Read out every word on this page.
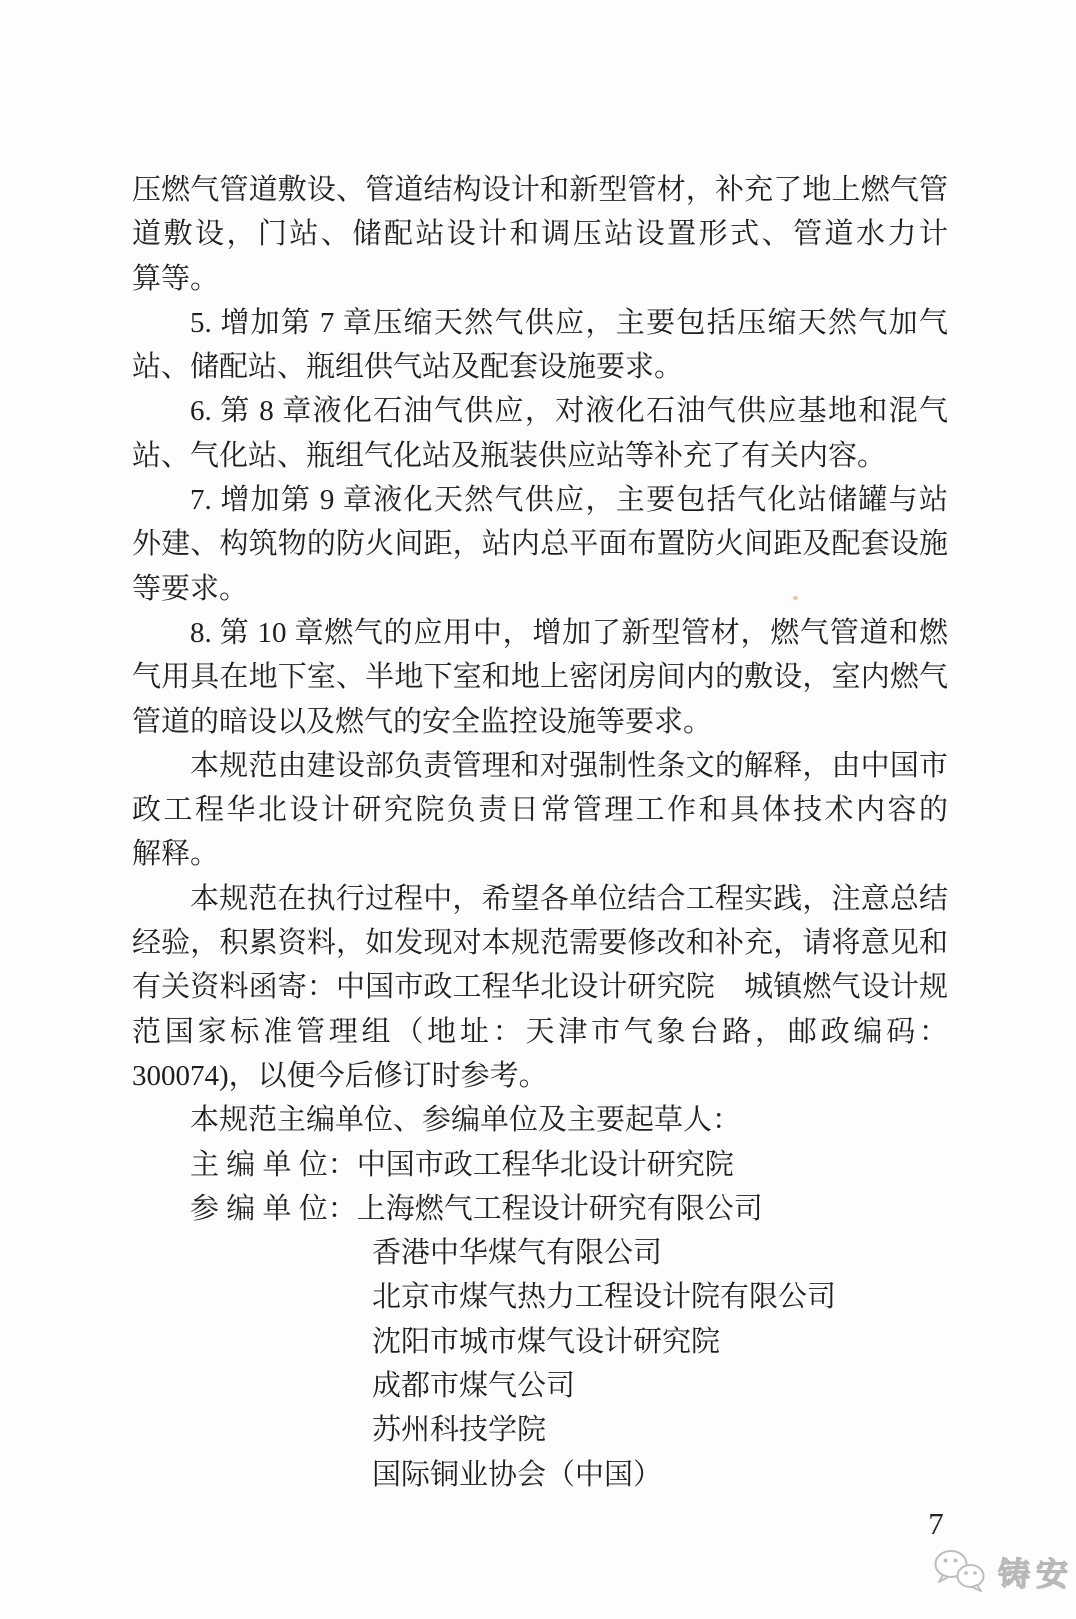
压燃气管道敷设、管道结构设计和新型管材，补充了地上燃气管
道敷设，门站、储配站设计和调压站设置形式、管道水力计
算等。
5. 增加第 7 章压缩天然气供应，主要包括压缩天然气加气
站、储配站、瓶组供气站及配套设施要求。
6. 第 8 章液化石油气供应，对液化石油气供应基地和混气
站、气化站、瓶组气化站及瓶装供应站等补充了有关内容。
7. 增加第 9 章液化天然气供应，主要包括气化站储罐与站
外建、构筑物的防火间距，站内总平面布置防火间距及配套设施
等要求。
8. 第 10 章燃气的应用中，增加了新型管材，燃气管道和燃
气用具在地下室、半地下室和地上密闭房间内的敷设，室内燃气
管道的暗设以及燃气的安全监控设施等要求。
本规范由建设部负责管理和对强制性条文的解释，由中国市
政工程华北设计研究院负责日常管理工作和具体技术内容的
解释。
本规范在执行过程中，希望各单位结合工程实践，注意总结
经验，积累资料，如发现对本规范需要修改和补充，请将意见和
有关资料函寄：中国市政工程华北设计研究院　城镇燃气设计规
范国家标准管理组（地址：天津市气象台路，邮政编码：
300074)，以便今后修订时参考。
本规范主编单位、参编单位及主要起草人：
主 编 单 位：中国市政工程华北设计研究院
参 编 单 位：上海燃气工程设计研究有限公司
香港中华煤气有限公司
北京市煤气热力工程设计院有限公司
沈阳市城市煤气设计研究院
成都市煤气公司
苏州科技学院
国际铜业协会（中国）
7
铸安
